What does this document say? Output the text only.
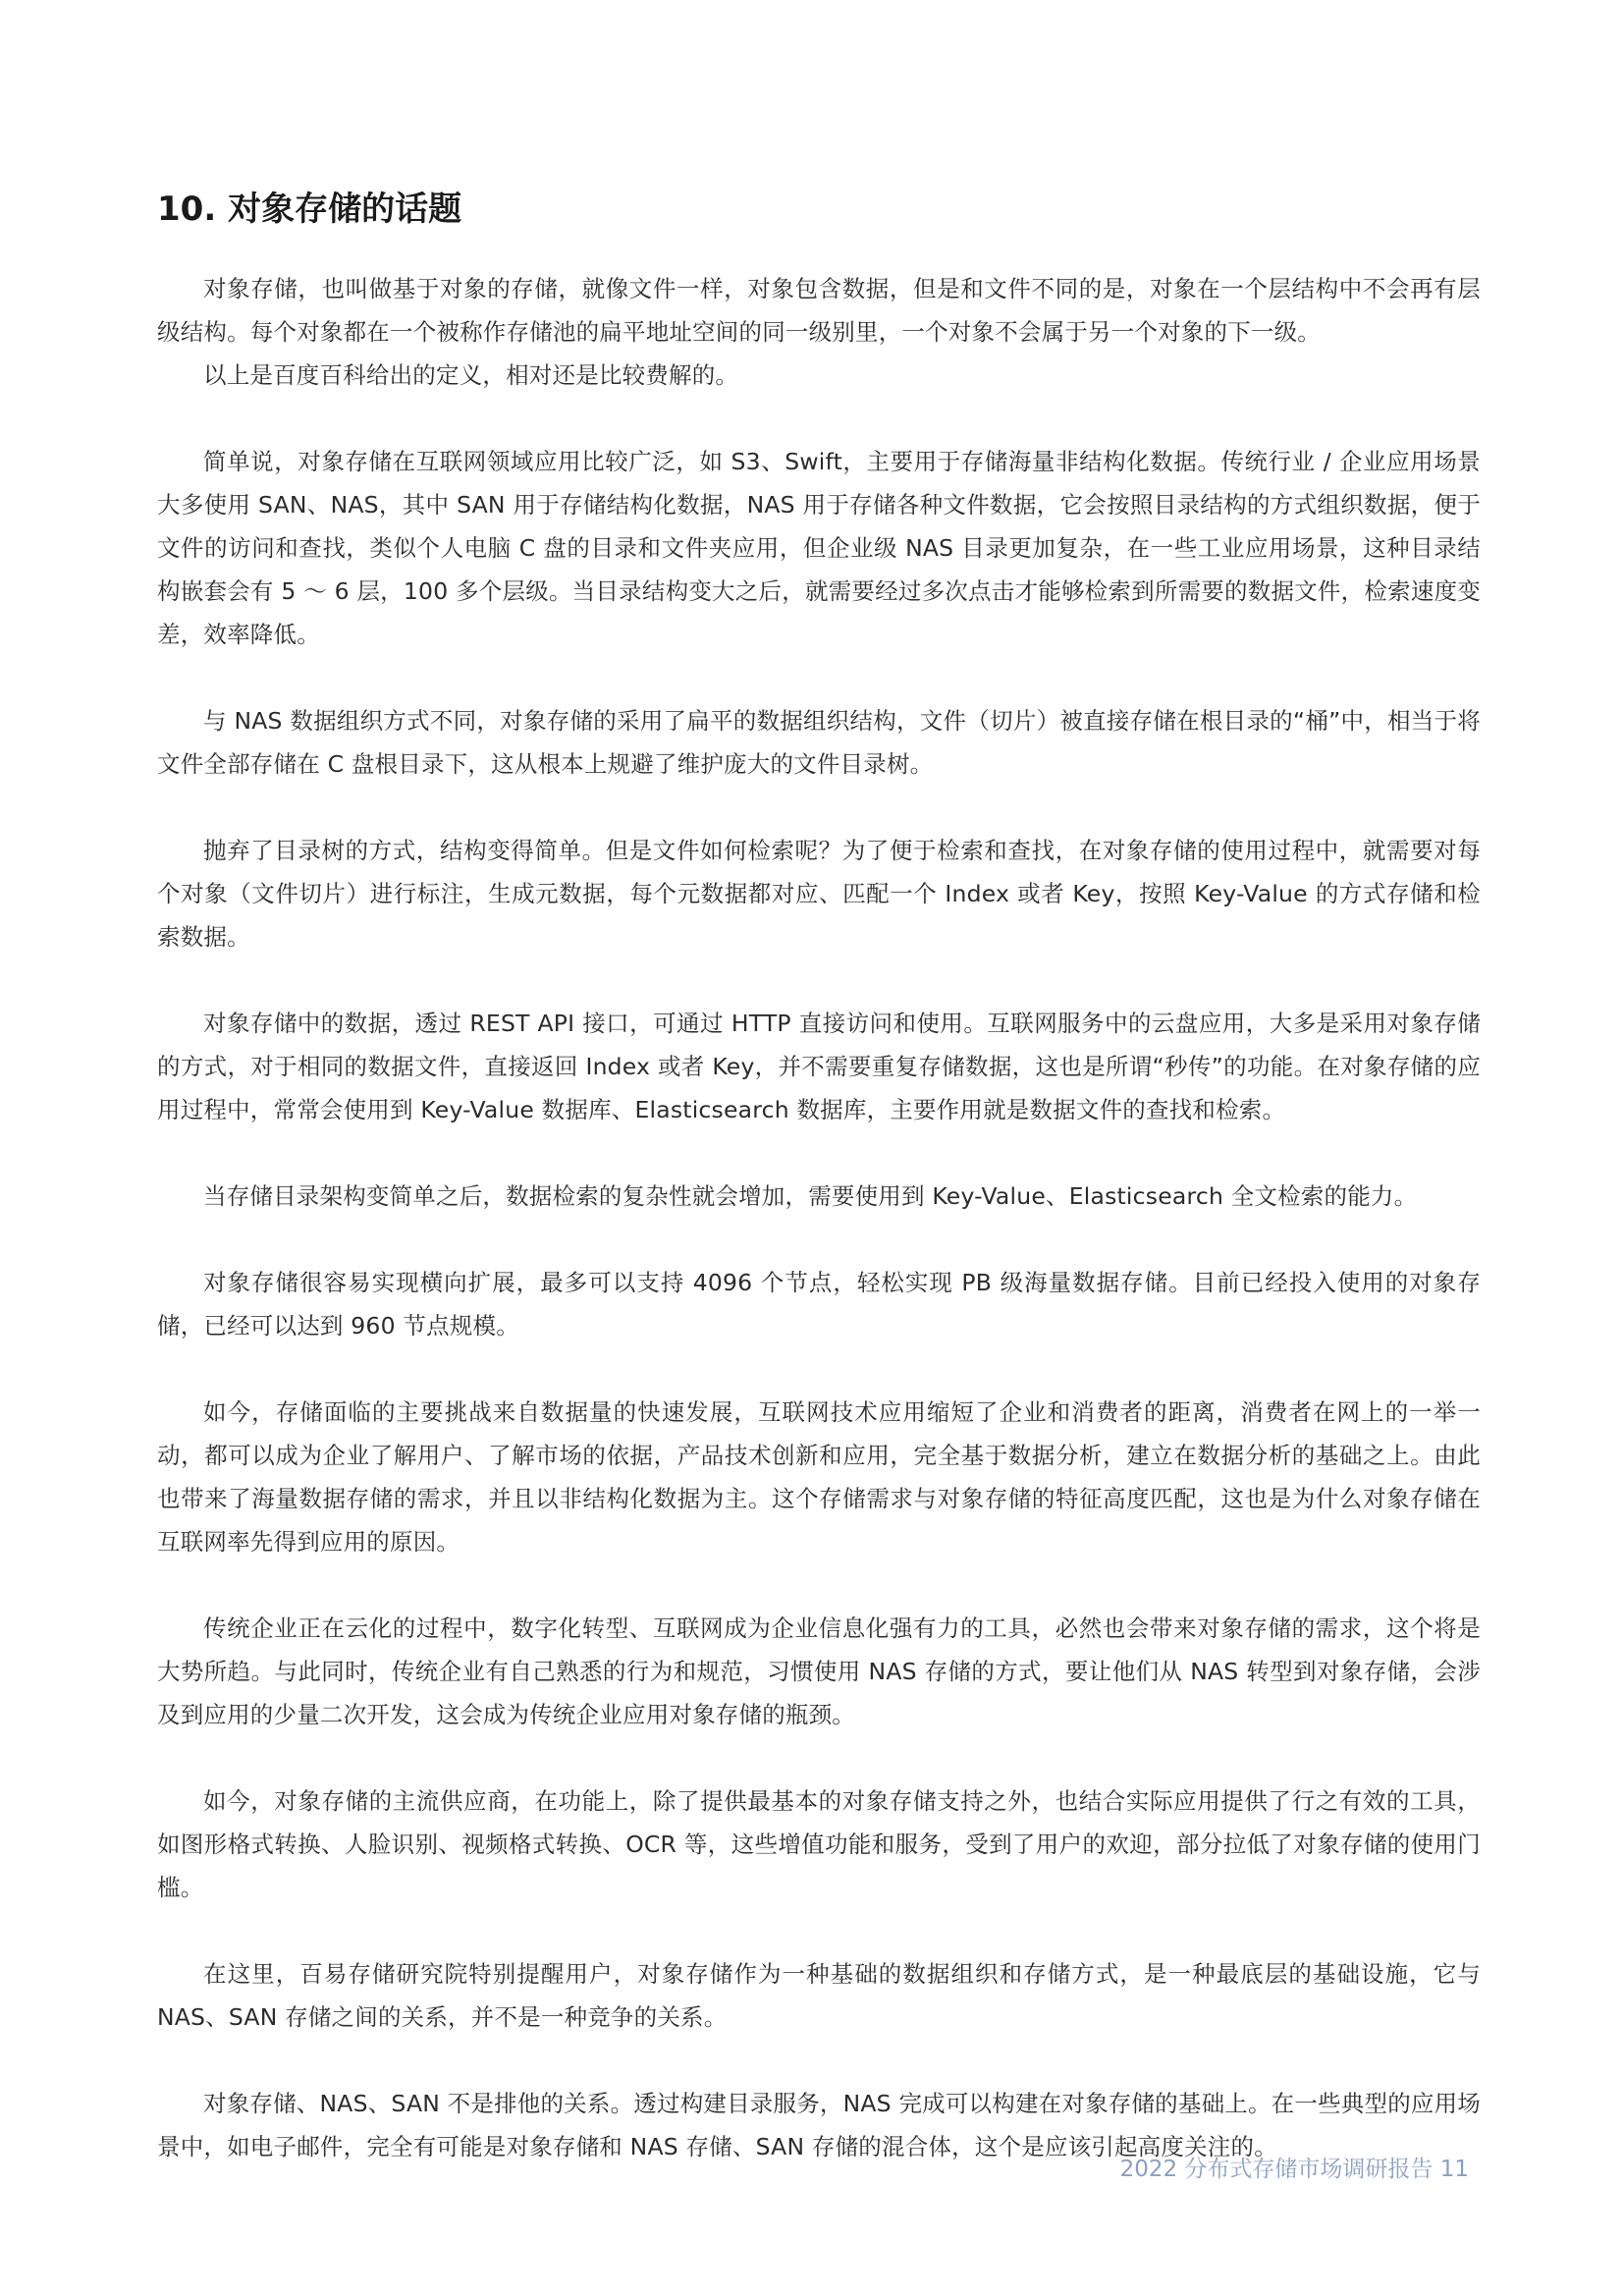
10. 对象存储的话题

对象存储，也叫做基于对象的存储，就像文件一样，对象包含数据，但是和文件不同的是，对象在一个层结构中不会再有层级结构。每个对象都在一个被称作存储池的扁平地址空间的同一级别里，一个对象不会属于另一个对象的下一级。

以上是百度百科给出的定义，相对还是比较费解的。

简单说，对象存储在互联网领域应用比较广泛，如 S3、Swift，主要用于存储海量非结构化数据。传统行业 / 企业应用场景大多使用 SAN、NAS，其中 SAN 用于存储结构化数据，NAS 用于存储各种文件数据，它会按照目录结构的方式组织数据，便于文件的访问和查找，类似个人电脑 C 盘的目录和文件夹应用，但企业级 NAS 目录更加复杂，在一些工业应用场景，这种目录结构嵌套会有 5 ～ 6 层，100 多个层级。当目录结构变大之后，就需要经过多次点击才能够检索到所需要的数据文件，检索速度变差，效率降低。

与 NAS 数据组织方式不同，对象存储的采用了扁平的数据组织结构，文件（切片）被直接存储在根目录的“桶”中，相当于将文件全部存储在 C 盘根目录下，这从根本上规避了维护庞大的文件目录树。

抛弃了目录树的方式，结构变得简单。但是文件如何检索呢？为了便于检索和查找，在对象存储的使用过程中，就需要对每个对象（文件切片）进行标注，生成元数据，每个元数据都对应、匹配一个 Index 或者 Key，按照 Key-Value 的方式存储和检索数据。

对象存储中的数据，透过 REST API 接口，可通过 HTTP 直接访问和使用。互联网服务中的云盘应用，大多是采用对象存储的方式，对于相同的数据文件，直接返回 Index 或者 Key，并不需要重复存储数据，这也是所谓“秒传”的功能。在对象存储的应用过程中，常常会使用到 Key-Value 数据库、Elasticsearch 数据库，主要作用就是数据文件的查找和检索。

当存储目录架构变简单之后，数据检索的复杂性就会增加，需要使用到 Key-Value、Elasticsearch 全文检索的能力。

对象存储很容易实现横向扩展，最多可以支持 4096 个节点，轻松实现 PB 级海量数据存储。目前已经投入使用的对象存储，已经可以达到 960 节点规模。

如今，存储面临的主要挑战来自数据量的快速发展，互联网技术应用缩短了企业和消费者的距离，消费者在网上的一举一动，都可以成为企业了解用户、了解市场的依据，产品技术创新和应用，完全基于数据分析，建立在数据分析的基础之上。由此也带来了海量数据存储的需求，并且以非结构化数据为主。这个存储需求与对象存储的特征高度匹配，这也是为什么对象存储在互联网率先得到应用的原因。

传统企业正在云化的过程中，数字化转型、互联网成为企业信息化强有力的工具，必然也会带来对象存储的需求，这个将是大势所趋。与此同时，传统企业有自己熟悉的行为和规范，习惯使用 NAS 存储的方式，要让他们从 NAS 转型到对象存储，会涉及到应用的少量二次开发，这会成为传统企业应用对象存储的瓶颈。

如今，对象存储的主流供应商，在功能上，除了提供最基本的对象存储支持之外，也结合实际应用提供了行之有效的工具，如图形格式转换、人脸识别、视频格式转换、OCR 等，这些增值功能和服务，受到了用户的欢迎，部分拉低了对象存储的使用门槛。

在这里，百易存储研究院特别提醒用户，对象存储作为一种基础的数据组织和存储方式，是一种最底层的基础设施，它与 NAS、SAN 存储之间的关系，并不是一种竞争的关系。

对象存储、NAS、SAN 不是排他的关系。透过构建目录服务，NAS 完成可以构建在对象存储的基础上。在一些典型的应用场景中，如电子邮件，完全有可能是对象存储和 NAS 存储、SAN 存储的混合体，这个是应该引起高度关注的。

2022 分布式存储市场调研报告 11
